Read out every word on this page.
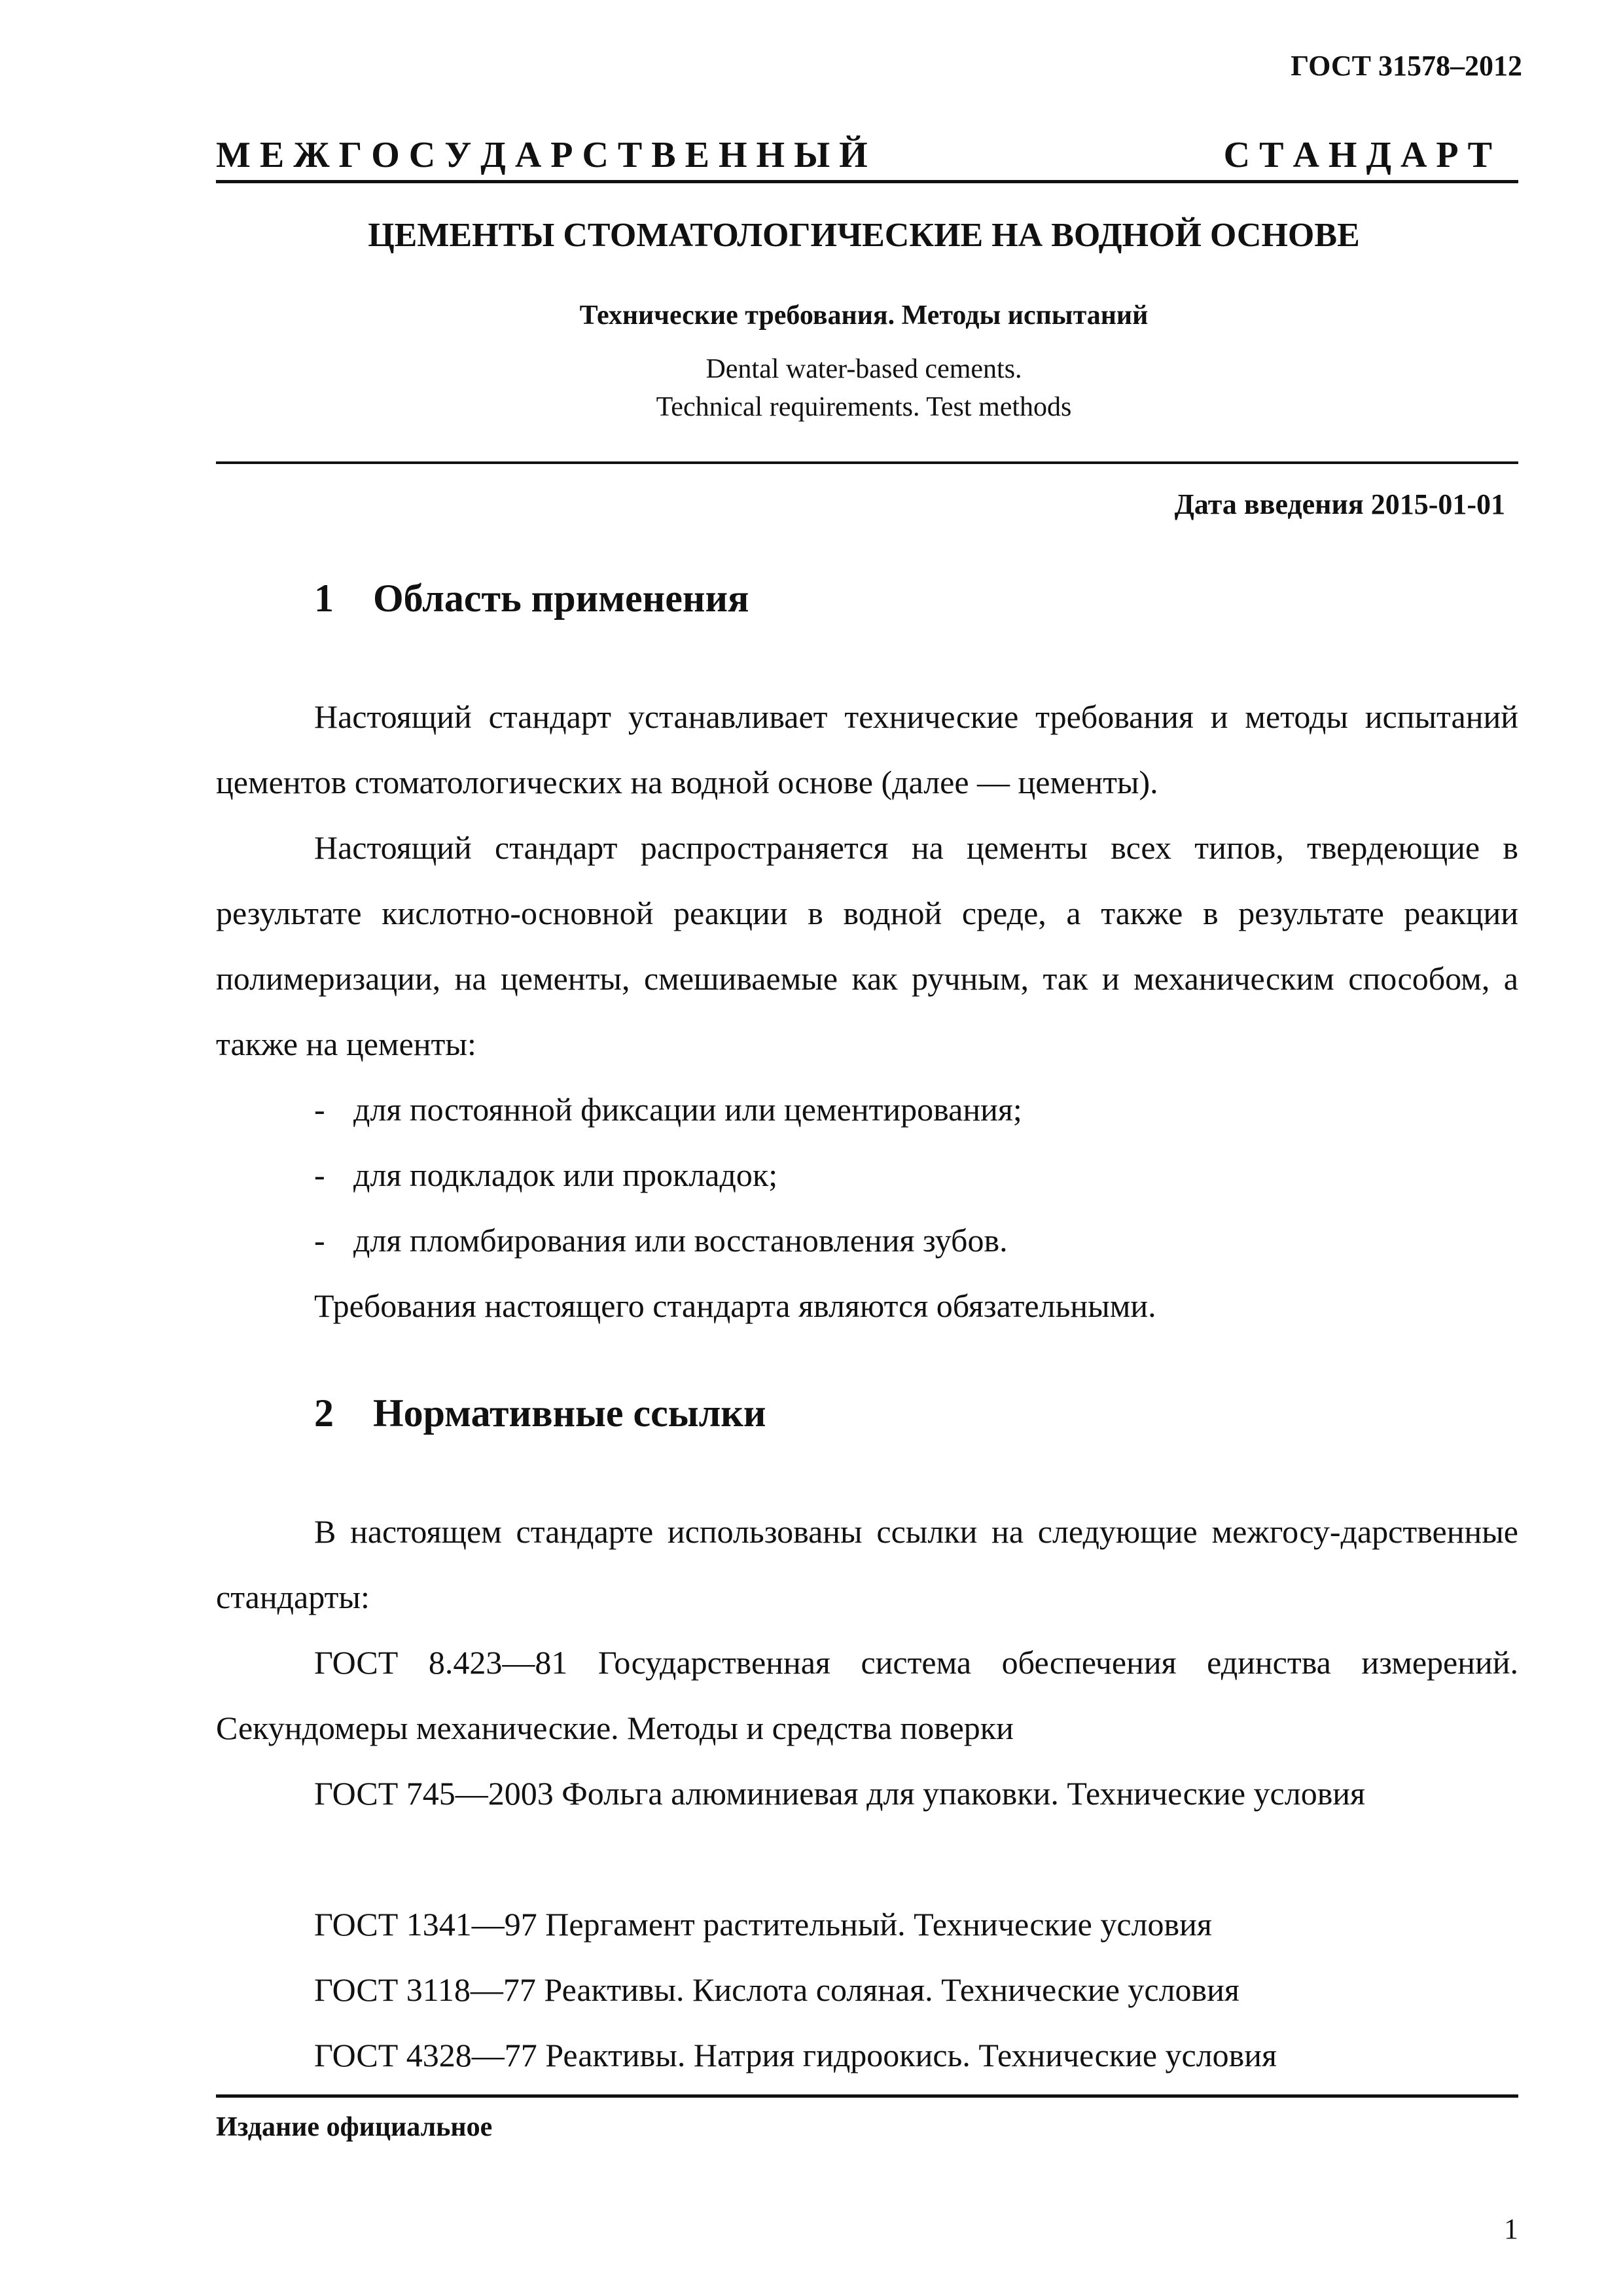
ГОСТ 31578–2012
М Е Ж Г О С У Д А Р С Т В Е Н Н Ы Й	С Т А Н Д А Р Т
ЦЕМЕНТЫ СТОМАТОЛОГИЧЕСКИЕ НА ВОДНОЙ ОСНОВЕ
Технические требования. Методы испытаний
Dental water-based cements.
Technical requirements. Test methods
Дата введения 2015-01-01
1 Область применения

Настоящий стандарт устанавливает технические требования и методы испытаний цементов стоматологических на водной основе (далее — цементы).

Настоящий стандарт распространяется на цементы всех типов, твердеющие в результате кислотно-основной реакции в водной среде, а также в результате реакции полимеризации, на цементы, смешиваемые как ручным, так и механическим способом, а также на цементы:

- для постоянной фиксации или цементирования;
- для подкладок или прокладок;
- для пломбирования или восстановления зубов.
Требования настоящего стандарта являются обязательными.
2 Нормативные ссылки

В настоящем стандарте использованы ссылки на следующие межгосу-дарственные стандарты:

ГОСТ 8.423—81 Государственная система обеспечения единства измерений. Секундомеры механические. Методы и средства поверки

ГОСТ 745—2003 Фольга алюминиевая для упаковки. Технические условия

ГОСТ 1341—97 Пергамент растительный. Технические условия
ГОСТ 3118—77 Реактивы. Кислота соляная. Технические условия
ГОСТ 4328—77 Реактивы. Натрия гидроокись. Технические условия
Издание официальное
1
